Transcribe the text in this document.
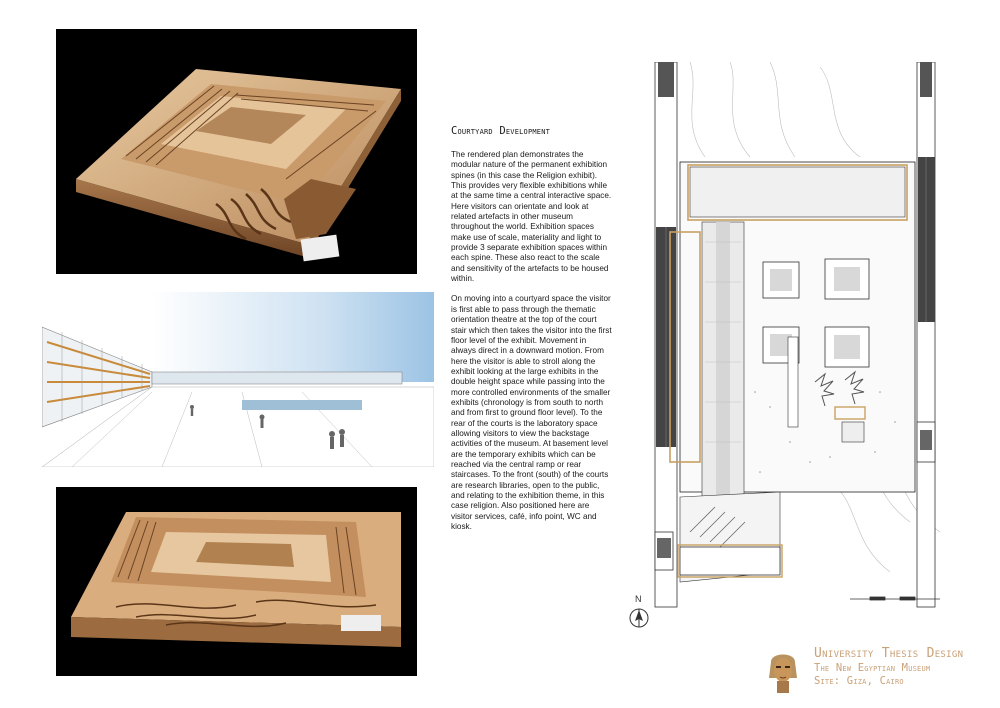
Courtyard Development

The rendered plan demonstrates the modular nature of the permanent exhibition spines (in this case the Religion exhibit). This provides very flexible exhibitions while at the same time a central interactive space. Here visitors can orientate and look at related artefacts in other museum throughout the world. Exhibition spaces make use of scale, materiality and light to provide 3 separate exhibition spaces within each spine. These also react to the scale and sensitivity of the artefacts to be housed within.

On moving into a courtyard space the visitor is first able to pass through the thematic orientation theatre at the top of the court stair which then takes the visitor into the first floor level of the exhibit. Movement in always direct in a downward motion. From here the visitor is able to stroll along the exhibit looking at the large exhibits in the double height space while passing into the more controlled environments of the smaller exhibits (chronology is from south to north and from first to ground floor level). To the rear of the courts is the laboratory space allowing visitors to view the backstage activities of the museum. At basement level are the temporary exhibits which can be reached via the central ramp or rear staircases. To the front (south) of the courts are research libraries, open to the public, and relating to the exhibition theme, in this case religion. Also positioned here are visitor services, café, info point, WC and kiosk.

N
University Thesis Design
The New Egyptian Museum
Site: Giza, Cairo
